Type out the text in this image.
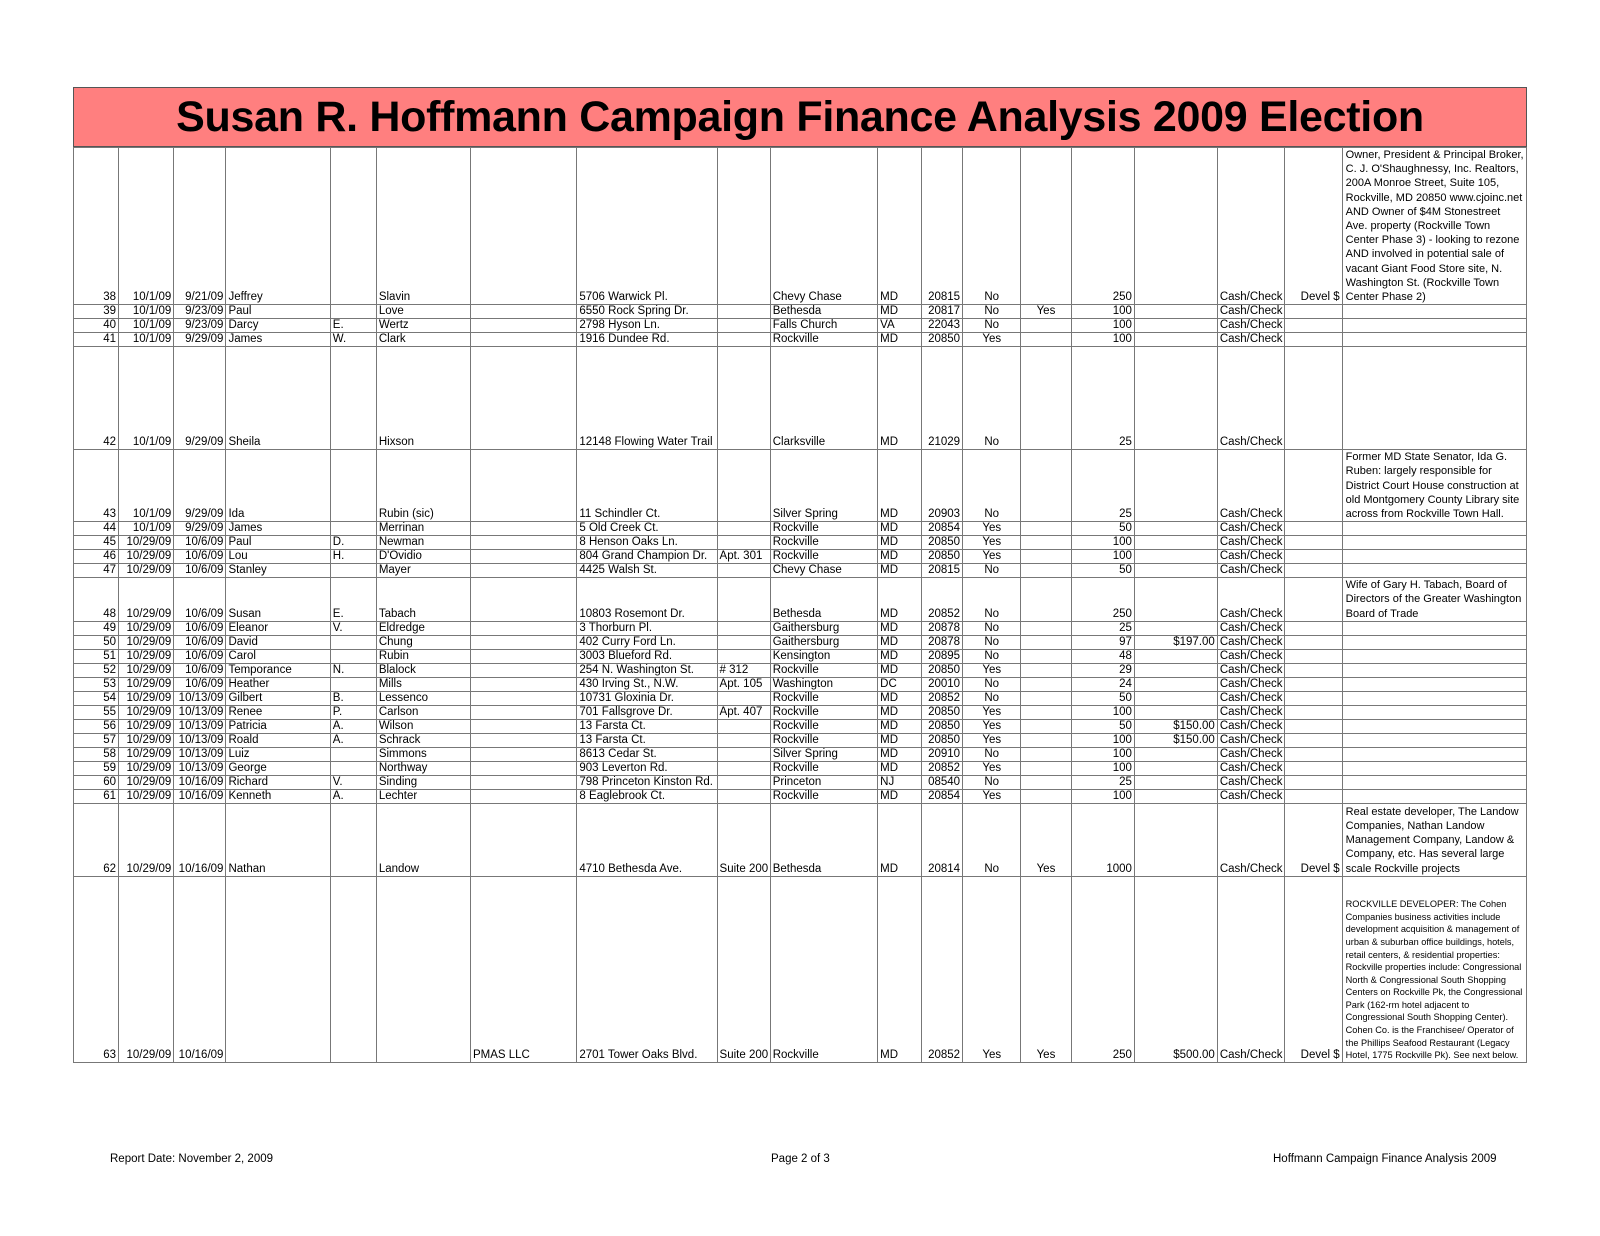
Susan R. Hoffmann Campaign Finance Analysis 2009 Election
38	10/1/09	9/21/09	Jeffrey		Slavin		5706 Warwick Pl.		Chevy Chase	MD	20815	No		250		Cash/Check	Devel $	Owner, President & Principal Broker, C. J. O'Shaughnessy, Inc. Realtors, 200A Monroe Street, Suite 105, Rockville, MD 20850 www.cjoinc.net AND Owner of $4M Stonestreet Ave. property (Rockville Town Center Phase 3) - looking to rezone AND involved in potential sale of vacant Giant Food Store site, N. Washington St. (Rockville Town Center Phase 2)
39	10/1/09	9/23/09	Paul		Love		6550 Rock Spring Dr.		Bethesda	MD	20817	No	Yes	100		Cash/Check		
40	10/1/09	9/23/09	Darcy	E.	Wertz		2798 Hyson Ln.		Falls Church	VA	22043	No		100		Cash/Check		
41	10/1/09	9/29/09	James	W.	Clark		1916 Dundee Rd.		Rockville	MD	20850	Yes		100		Cash/Check		
42	10/1/09	9/29/09	Sheila		Hixson		12148 Flowing Water Trail		Clarksville	MD	21029	No		25		Cash/Check		
43	10/1/09	9/29/09	Ida		Rubin (sic)		11 Schindler Ct.		Silver Spring	MD	20903	No		25		Cash/Check		Former MD State Senator, Ida G. Ruben: largely responsible for District Court House construction at old Montgomery County Library site across from Rockville Town Hall.
44	10/1/09	9/29/09	James		Merrinan		5 Old Creek Ct.		Rockville	MD	20854	Yes		50		Cash/Check		
45	10/29/09	10/6/09	Paul	D.	Newman		8 Henson Oaks Ln.		Rockville	MD	20850	Yes		100		Cash/Check		
46	10/29/09	10/6/09	Lou	H.	D'Ovidio		804 Grand Champion Dr.	Apt. 301	Rockville	MD	20850	Yes		100		Cash/Check		
47	10/29/09	10/6/09	Stanley		Mayer		4425 Walsh St.		Chevy Chase	MD	20815	No		50		Cash/Check		
48	10/29/09	10/6/09	Susan	E.	Tabach		10803 Rosemont Dr.		Bethesda	MD	20852	No		250		Cash/Check		Wife of Gary H. Tabach, Board of Directors of the Greater Washington Board of Trade
49	10/29/09	10/6/09	Eleanor	V.	Eldredge		3 Thorburn Pl.		Gaithersburg	MD	20878	No		25		Cash/Check		
50	10/29/09	10/6/09	David		Chung		402 Curry Ford Ln.		Gaithersburg	MD	20878	No		97	$197.00	Cash/Check		
51	10/29/09	10/6/09	Carol		Rubin		3003 Blueford Rd.		Kensington	MD	20895	No		48		Cash/Check		
52	10/29/09	10/6/09	Temporance	N.	Blalock		254 N. Washington St.	# 312	Rockville	MD	20850	Yes		29		Cash/Check		
53	10/29/09	10/6/09	Heather		Mills		430 Irving St., N.W.	Apt. 105	Washington	DC	20010	No		24		Cash/Check		
54	10/29/09	10/13/09	Gilbert	B.	Lessenco		10731 Gloxinia Dr.		Rockville	MD	20852	No		50		Cash/Check		
55	10/29/09	10/13/09	Renee	P.	Carlson		701 Fallsgrove Dr.	Apt. 407	Rockville	MD	20850	Yes		100		Cash/Check		
56	10/29/09	10/13/09	Patricia	A.	Wilson		13 Farsta Ct.		Rockville	MD	20850	Yes		50	$150.00	Cash/Check		
57	10/29/09	10/13/09	Roald	A.	Schrack		13 Farsta Ct.		Rockville	MD	20850	Yes		100	$150.00	Cash/Check		
58	10/29/09	10/13/09	Luiz		Simmons		8613 Cedar St.		Silver Spring	MD	20910	No		100		Cash/Check		
59	10/29/09	10/13/09	George		Northway		903 Leverton Rd.		Rockville	MD	20852	Yes		100		Cash/Check		
60	10/29/09	10/16/09	Richard	V.	Sinding		798 Princeton Kinston Rd.		Princeton	NJ	08540	No		25		Cash/Check		
61	10/29/09	10/16/09	Kenneth	A.	Lechter		8 Eaglebrook Ct.		Rockville	MD	20854	Yes		100		Cash/Check		
62	10/29/09	10/16/09	Nathan		Landow		4710 Bethesda Ave.	Suite 200	Bethesda	MD	20814	No	Yes	1000		Cash/Check	Devel $	Real estate developer, The Landow Companies, Nathan Landow Management Company, Landow & Company, etc. Has several large scale Rockville projects
63	10/29/09	10/16/09				PMAS LLC	2701 Tower Oaks Blvd.	Suite 200	Rockville	MD	20852	Yes	Yes	250	$500.00	Cash/Check	Devel $	ROCKVILLE DEVELOPER: The Cohen Companies business activities include development acquisition & management of urban & suburban office buildings, hotels, retail centers, & residential properties: Rockville properties include: Congressional North & Congressional South Shopping Centers on Rockville Pk, the Congressional Park (162-rm hotel adjacent to Congressional South Shopping Center). Cohen Co. is the Franchisee/ Operator of the Phillips Seafood Restaurant (Legacy Hotel, 1775 Rockville Pk). See next below.
Report Date: November 2, 2009	Page 2 of 3	Hoffmann Campaign Finance Analysis 2009
